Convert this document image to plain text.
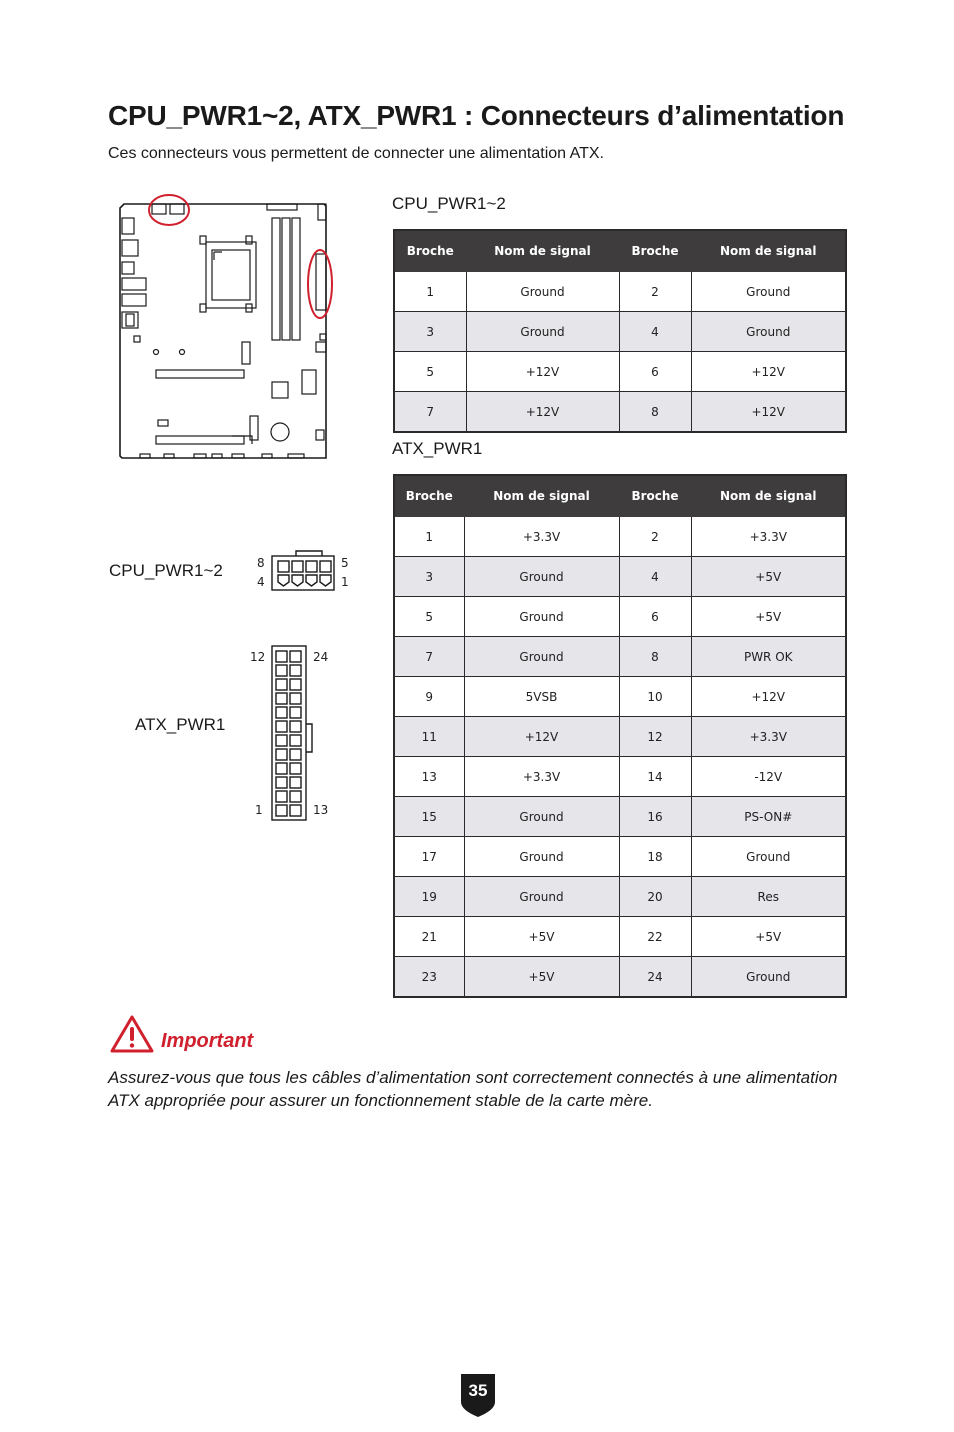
CPU_PWR1~2, ATX_PWR1 : Connecteurs d’alimentation
Ces connecteurs vous permettent de connecter une alimentation ATX.
CPU_PWR1~2
Broche	Nom de signal	Broche	Nom de signal
1	Ground	2	Ground
3	Ground	4	Ground
5	+12V	6	+12V
7	+12V	8	+12V
ATX_PWR1
Broche	Nom de signal	Broche	Nom de signal
1	+3.3V	2	+3.3V
3	Ground	4	+5V
5	Ground	6	+5V
7	Ground	8	PWR OK
9	5VSB	10	+12V
11	+12V	12	+3.3V
13	+3.3V	14	-12V
15	Ground	16	PS-ON#
17	Ground	18	Ground
19	Ground	20	Res
21	+5V	22	+5V
23	+5V	24	Ground
CPU_PWR1~2	8
4
5
1
ATX_PWR1
12	24
1	13
Important
Assurez-vous que tous les câbles d’alimentation sont correctement connectés à une alimentation ATX appropriée pour assurer un fonctionnement stable de la carte mère.
35
